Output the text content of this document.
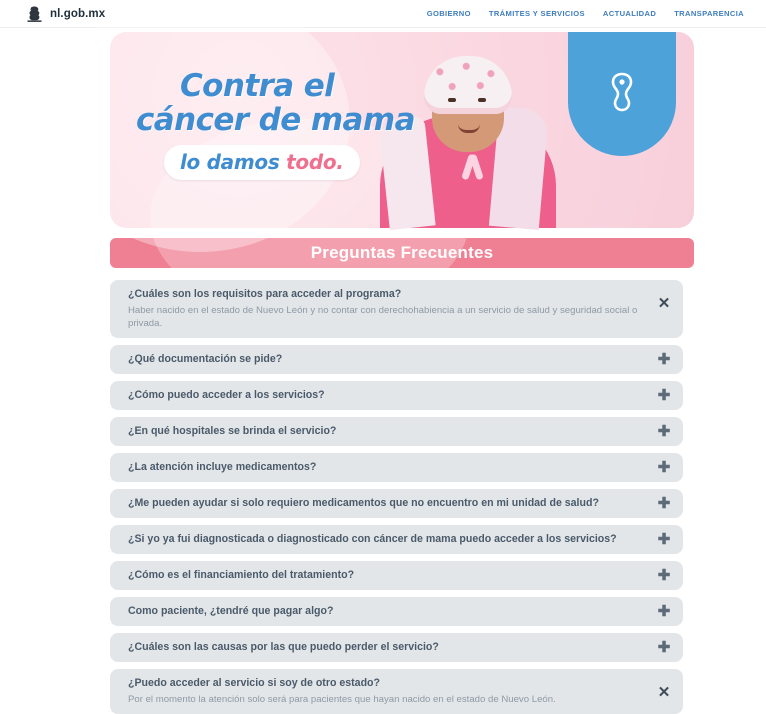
nl.gob.mx	GOBIERNO TRÁMITES Y SERVICIOS ACTUALIDAD TRANSPARENCIA
Contra el
cáncer de mama
lo damos todo.
Preguntas Frecuentes
¿Cuáles son los requisitos para acceder al programa?
Haber nacido en el estado de Nuevo León y no contar con derechohabiencia a un servicio de salud y seguridad social o privada.
✕
¿Qué documentación se pide?	✚
¿Cómo puedo acceder a los servicios?	✚
¿En qué hospitales se brinda el servicio?	✚
¿La atención incluye medicamentos?	✚
¿Me pueden ayudar si solo requiero medicamentos que no encuentro en mi unidad de salud?	✚
¿Si yo ya fui diagnosticada o diagnosticado con cáncer de mama puedo acceder a los servicios?	✚
¿Cómo es el financiamiento del tratamiento?	✚
Como paciente, ¿tendré que pagar algo?	✚
¿Cuáles son las causas por las que puedo perder el servicio?	✚
¿Puedo acceder al servicio si soy de otro estado?
Por el momento la atención solo será para pacientes que hayan nacido en el estado de Nuevo León.	✕
